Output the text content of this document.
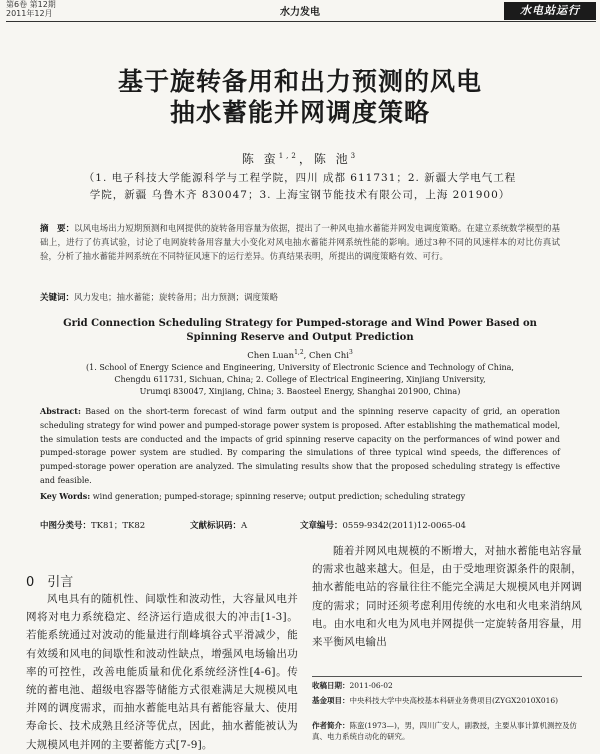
第6卷 第12期
2011年12月	水力发电	水电站运行
基于旋转备用和出力预测的风电
抽水蓄能并网调度策略
陈 蛮$^{1,2}$，陈 池$^3$
（1. 电子科技大学能源科学与工程学院，四川 成都 611731；2. 新疆大学电气工程
学院，新疆 乌鲁木齐 830047；3. 上海宝钢节能技术有限公司，上海 201900）
摘　要：以风电场出力短期预测和电网提供的旋转备用容量为依据，提出了一种风电抽水蓄能并网发电调度策略。在建立系统数学模型的基础上，进行了仿真试验，讨论了电网旋转备用容量大小变化对风电抽水蓄能并网系统性能的影响。通过3种不同的风速样本的对比仿真试验，分析了抽水蓄能并网系统在不同特征风速下的运行差异。仿真结果表明，所提出的调度策略有效、可行。
关键词：风力发电；抽水蓄能；旋转备用；出力预测；调度策略
Grid Connection Scheduling Strategy for Pumped-storage and Wind Power Based on
Spinning Reserve and Output Prediction
Chen Luan$^{1,2}$, Chen Chi$^3$
(1. School of Energy Science and Engineering, University of Electronic Science and Technology of China,
Chengdu 611731, Sichuan, China; 2. College of Electrical Engineering, Xinjiang University,
Urumqi 830047, Xinjiang, China; 3. Baosteel Energy, Shanghai 201900, China)
Abstract: Based on the short-term forecast of wind farm output and the spinning reserve capacity of grid, an operation scheduling strategy for wind power and pumped-storage power system is proposed. After establishing the mathematical model, the simulation tests are conducted and the impacts of grid spinning reserve capacity on the performances of wind power and pumped-storage power system are studied. By comparing the simulations of three typical wind speeds, the differences of pumped-storage power operation are analyzed. The simulating results show that the proposed scheduling strategy is effective and feasible.
Key Words: wind generation; pumped-storage; spinning reserve; output prediction; scheduling strategy
中图分类号：TK81；TK82	文献标识码：A	文章编号：0559-9342(2011)12-0065-04
0　引言
风电具有的随机性、间歇性和波动性，大容量风电并网将对电力系统稳定、经济运行造成很大的冲击[1-3]。若能系统通过对波动的能量进行削峰填谷式平滑减少，能有效缓和风电的间歇性和波动性缺点，增强风电场输出功率的可控性，改善电能质量和优化系统经济性[4-6]。传统的蓄电池、超级电容器等储能方式很难满足大规模风电并网的调度需求，而抽水蓄能电站具有蓄能容量大、使用寿命长、技术成熟且经济等优点，因此，抽水蓄能被认为大规模风电并网的主要蓄能方式[7-9]。
随着并网风电规模的不断增大，对抽水蓄能电站容量的需求也越来越大。但是，由于受地理资源条件的限制，抽水蓄能电站的容量往往不能完全满足大规模风电并网调度的需求；同时还须考虑利用传统的水电和火电来消纳风电。由水电和火电为风电并网提供一定旋转备用容量，用来平衡风电输出
收稿日期：2011-06-02
基金项目：中央科技大学中央高校基本科研业务费项目(ZYGX2010X016)
作者简介：陈蛮(1973—)，男，四川广安人，副教授，主要从事计算机测控及仿真、电力系统自动化的研究。
